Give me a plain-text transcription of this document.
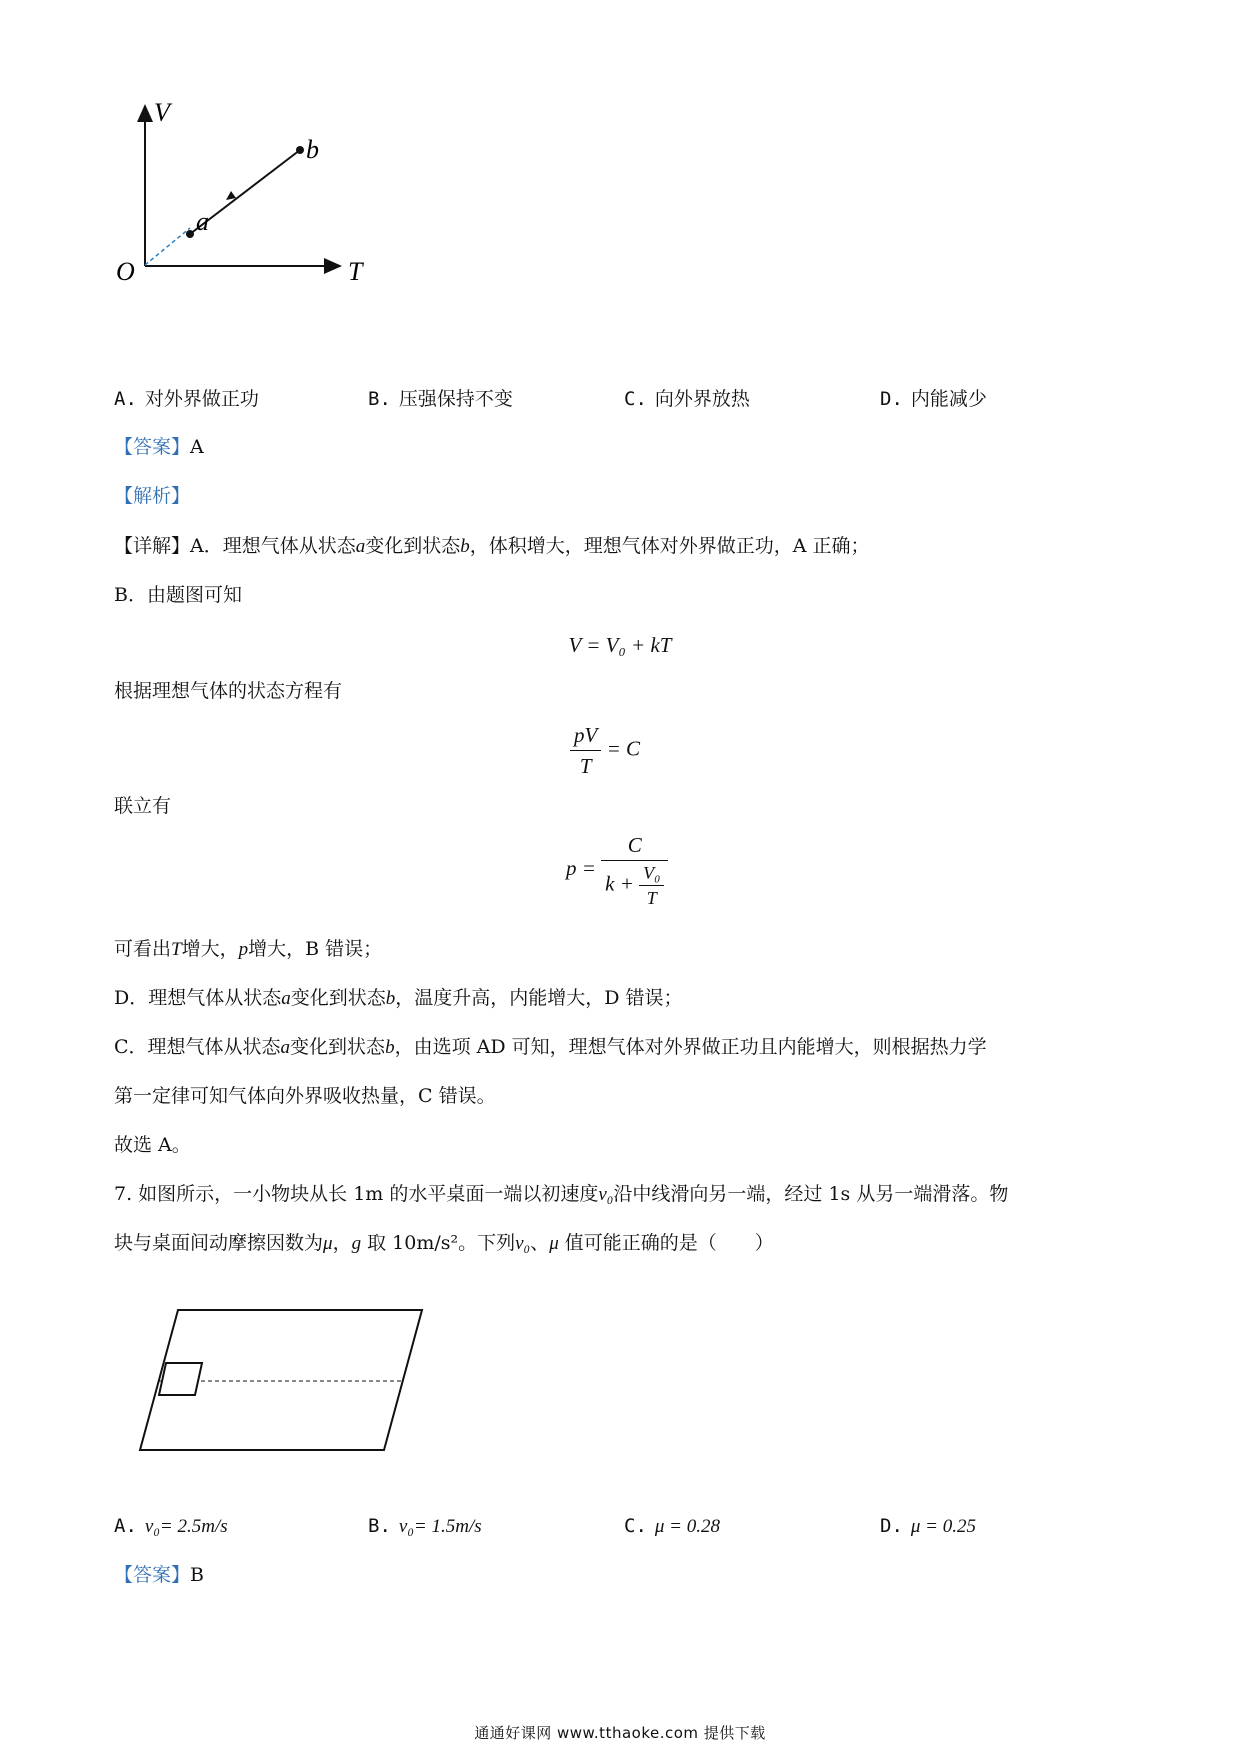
V
T
O
a
b
A. 对外界做正功	B. 压强保持不变	C. 向外界放热	D. 内能减少
【答案】A
【解析】
【详解】A．理想气体从状态a变化到状态b，体积增大，理想气体对外界做正功，A 正确；
B．由题图可知
V = V₀ + kT
根据理想气体的状态方程有
$\frac{pV}{T} = C$
联立有
$p = \frac{C}{k + \frac{\text{V₀}}{T}}$
可看出T增大，p增大，B 错误；
D．理想气体从状态a变化到状态b，温度升高，内能增大，D 错误；
C．理想气体从状态a变化到状态b，由选项 AD 可知，理想气体对外界做正功且内能增大，则根据热力学
第一定律可知气体向外界吸收热量，C 错误。
故选 A。
7. 如图所示，一小物块从长 1m 的水平桌面一端以初速度v₀沿中线滑向另一端，经过 1s 从另一端滑落。物
块与桌面间动摩擦因数为μ，g 取 10m/s²。下列v₀、μ 值可能正确的是（　　）
A. v₀= 2.5m/s	B. v₀= 1.5m/s	C. μ = 0.28	D. μ = 0.25
【答案】B
通通好课网 www.tthaoke.com 提供下载
